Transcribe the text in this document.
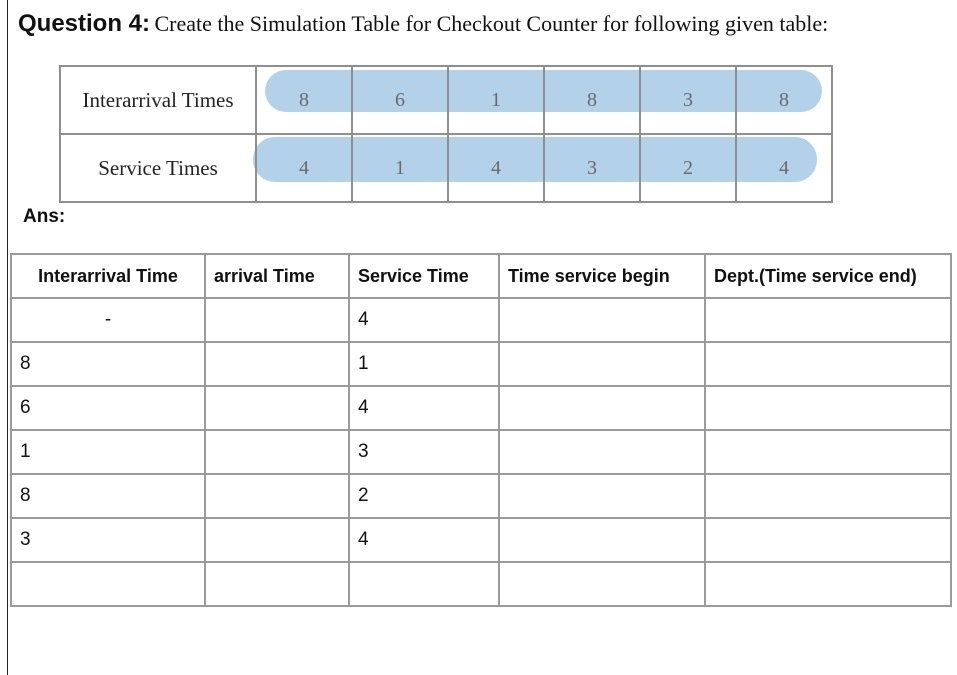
Question 4: Create the Simulation Table for Checkout Counter for following given table:
Interarrival Times	8	6	1	8	3	8
Service Times	4	1	4	3	2	4
Ans:
Interarrival Time	arrival Time	Service Time	Time service begin	Dept.(Time service end)
-		4		
8		1		
6		4		
1		3		
8		2		
3		4		
